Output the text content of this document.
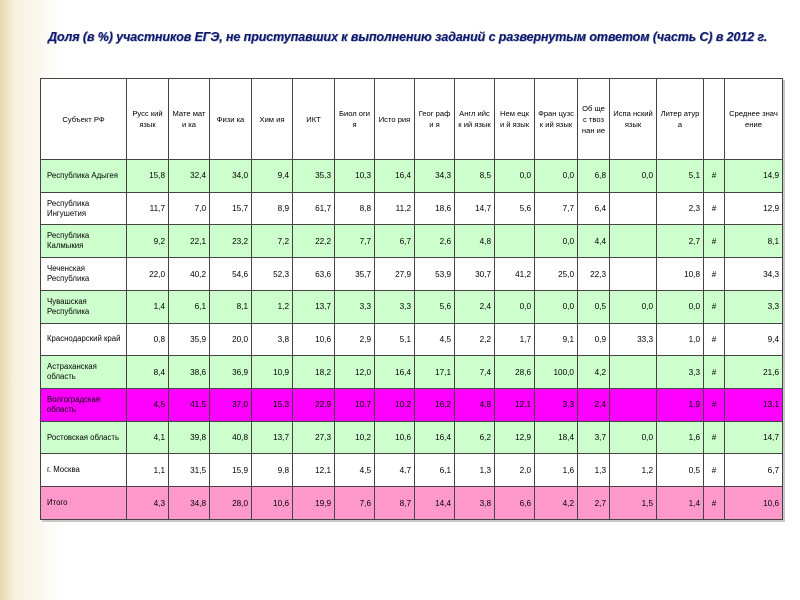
Доля (в %) участников ЕГЭ, не приступавших к выполнению заданий с развернутым ответом (часть С) в 2012 г.
Субъект РФ	Русс кий язык	Мате мати ка	Физи ка	Хим ия	ИКТ	Биол огия	Исто рия	Геог рафи я	Англ ийск ий язык	Нем ецки й язык	Фран цузск ий язык	Об щес твоз нан ие	Испа нский язык	Литер атура		Среднее значение
Республика Адыгея	15,8	32,4	34,0	9,4	35,3	10,3	16,4	34,3	8,5	0,0	0,0	6,8	0,0	5,1	#	14,9
Республика Ингушетия	11,7	7,0	15,7	8,9	61,7	8,8	11,2	18,6	14,7	5,6	7,7	6,4		2,3	#	12,9
Республика Калмыкия	9,2	22,1	23,2	7,2	22,2	7,7	6,7	2,6	4,8		0,0	4,4		2,7	#	8,1
Чеченская Республика	22,0	40,2	54,6	52,3	63,6	35,7	27,9	53,9	30,7	41,2	25,0	22,3		10,8	#	34,3
Чувашская Республика	1,4	6,1	8,1	1,2	13,7	3,3	3,3	5,6	2,4	0,0	0,0	0,5	0,0	0,0	#	3,3
Краснодарский край	0,8	35,9	20,0	3,8	10,6	2,9	5,1	4,5	2,2	1,7	9,1	0,9	33,3	1,0	#	9,4
Астраханская область	8,4	38,6	36,9	10,9	18,2	12,0	16,4	17,1	7,4	28,6	100,0	4,2		3,3	#	21,6
Волгоградская область	4,5	41,5	37,0	15,3	22,9	10,7	10,2	16,2	4,8	12,1	3,3	2,4		1,9	#	13,1
Ростовская область	4,1	39,8	40,8	13,7	27,3	10,2	10,6	16,4	6,2	12,9	18,4	3,7	0,0	1,6	#	14,7
г. Москва	1,1	31,5	15,9	9,8	12,1	4,5	4,7	6,1	1,3	2,0	1,6	1,3	1,2	0,5	#	6,7
Итого	4,3	34,8	28,0	10,6	19,9	7,6	8,7	14,4	3,8	6,6	4,2	2,7	1,5	1,4	#	10,6
